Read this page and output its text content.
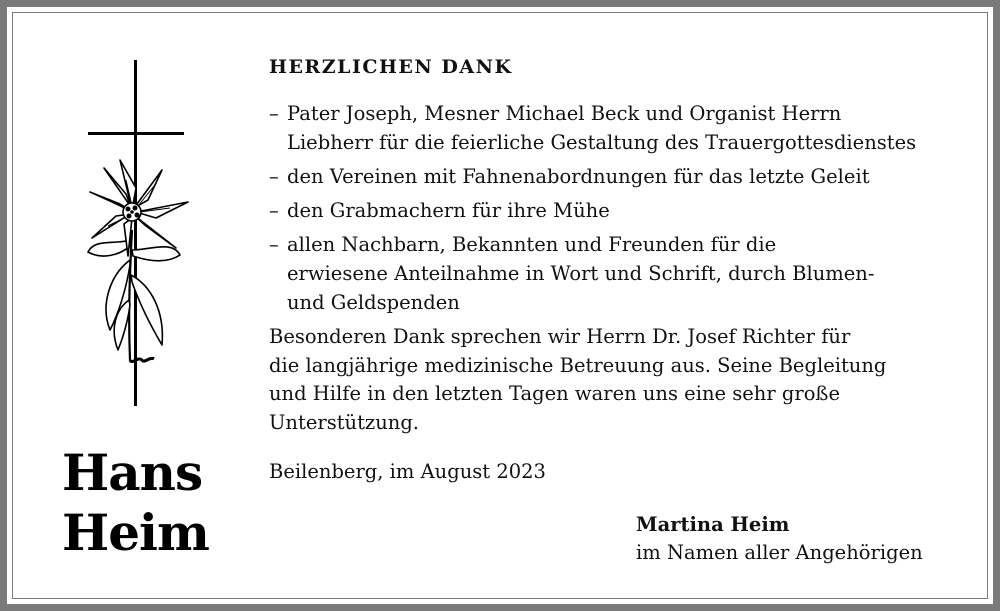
Hans
Heim
HERZLICHEN DANK
– Pater Joseph, Mesner Michael Beck und Organist Herrn
Liebherr für die feierliche Gestaltung des Trauergottesdienstes
– den Vereinen mit Fahnenabordnungen für das letzte Geleit
– den Grabmachern für ihre Mühe
– allen Nachbarn, Bekannten und Freunden für die
erwiesene Anteilnahme in Wort und Schrift, durch Blumen-
und Geldspenden
Besonderen Dank sprechen wir Herrn Dr. Josef Richter für
die langjährige medizinische Betreuung aus. Seine Begleitung
und Hilfe in den letzten Tagen waren uns eine sehr große
Unterstützung.
Beilenberg, im August 2023
Martina Heim
im Namen aller Angehörigen
